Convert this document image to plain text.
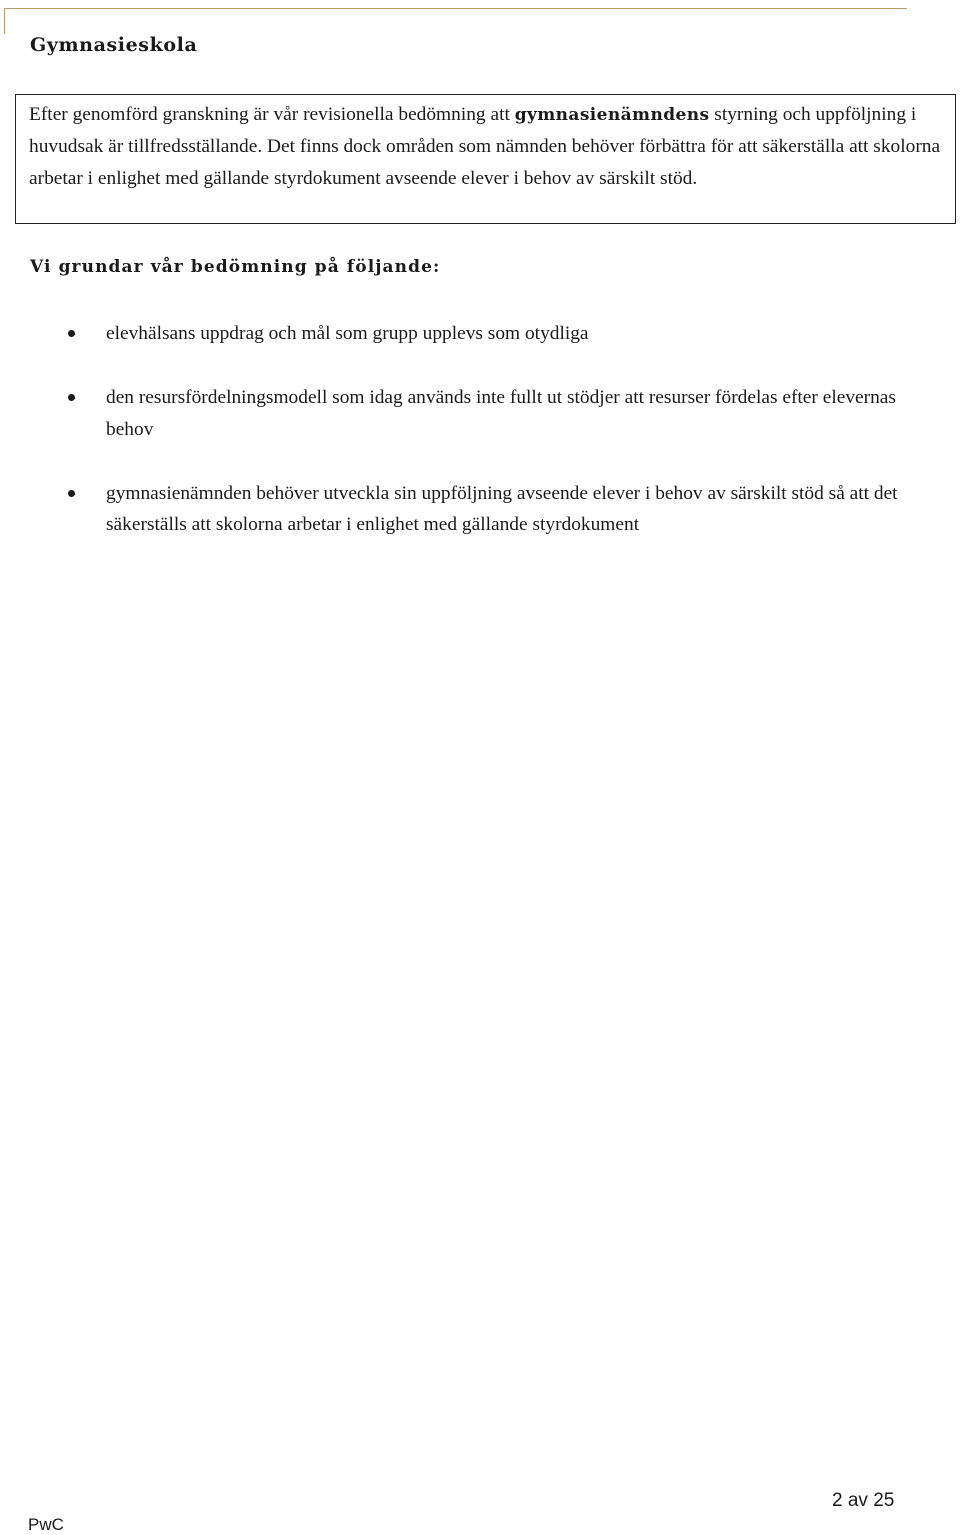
Gymnasieskola

Efter genomförd granskning är vår revisionella bedömning att gymnasienämndens styrning och uppföljning i huvudsak är tillfredsställande. Det finns dock områden som nämnden behöver förbättra för att säkerställa att skolorna arbetar i enlighet med gällande styrdokument avseende elever i behov av särskilt stöd.

Vi grundar vår bedömning på följande:
elevhälsans uppdrag och mål som grupp upplevs som otydliga
den resursfördelningsmodell som idag används inte fullt ut stödjer att resurser fördelas efter elevernas behov
gymnasienämnden behöver utveckla sin uppföljning avseende elever i behov av särskilt stöd så att det säkerställs att skolorna arbetar i enlighet med gällande styrdokument
2 av 25
PwC
